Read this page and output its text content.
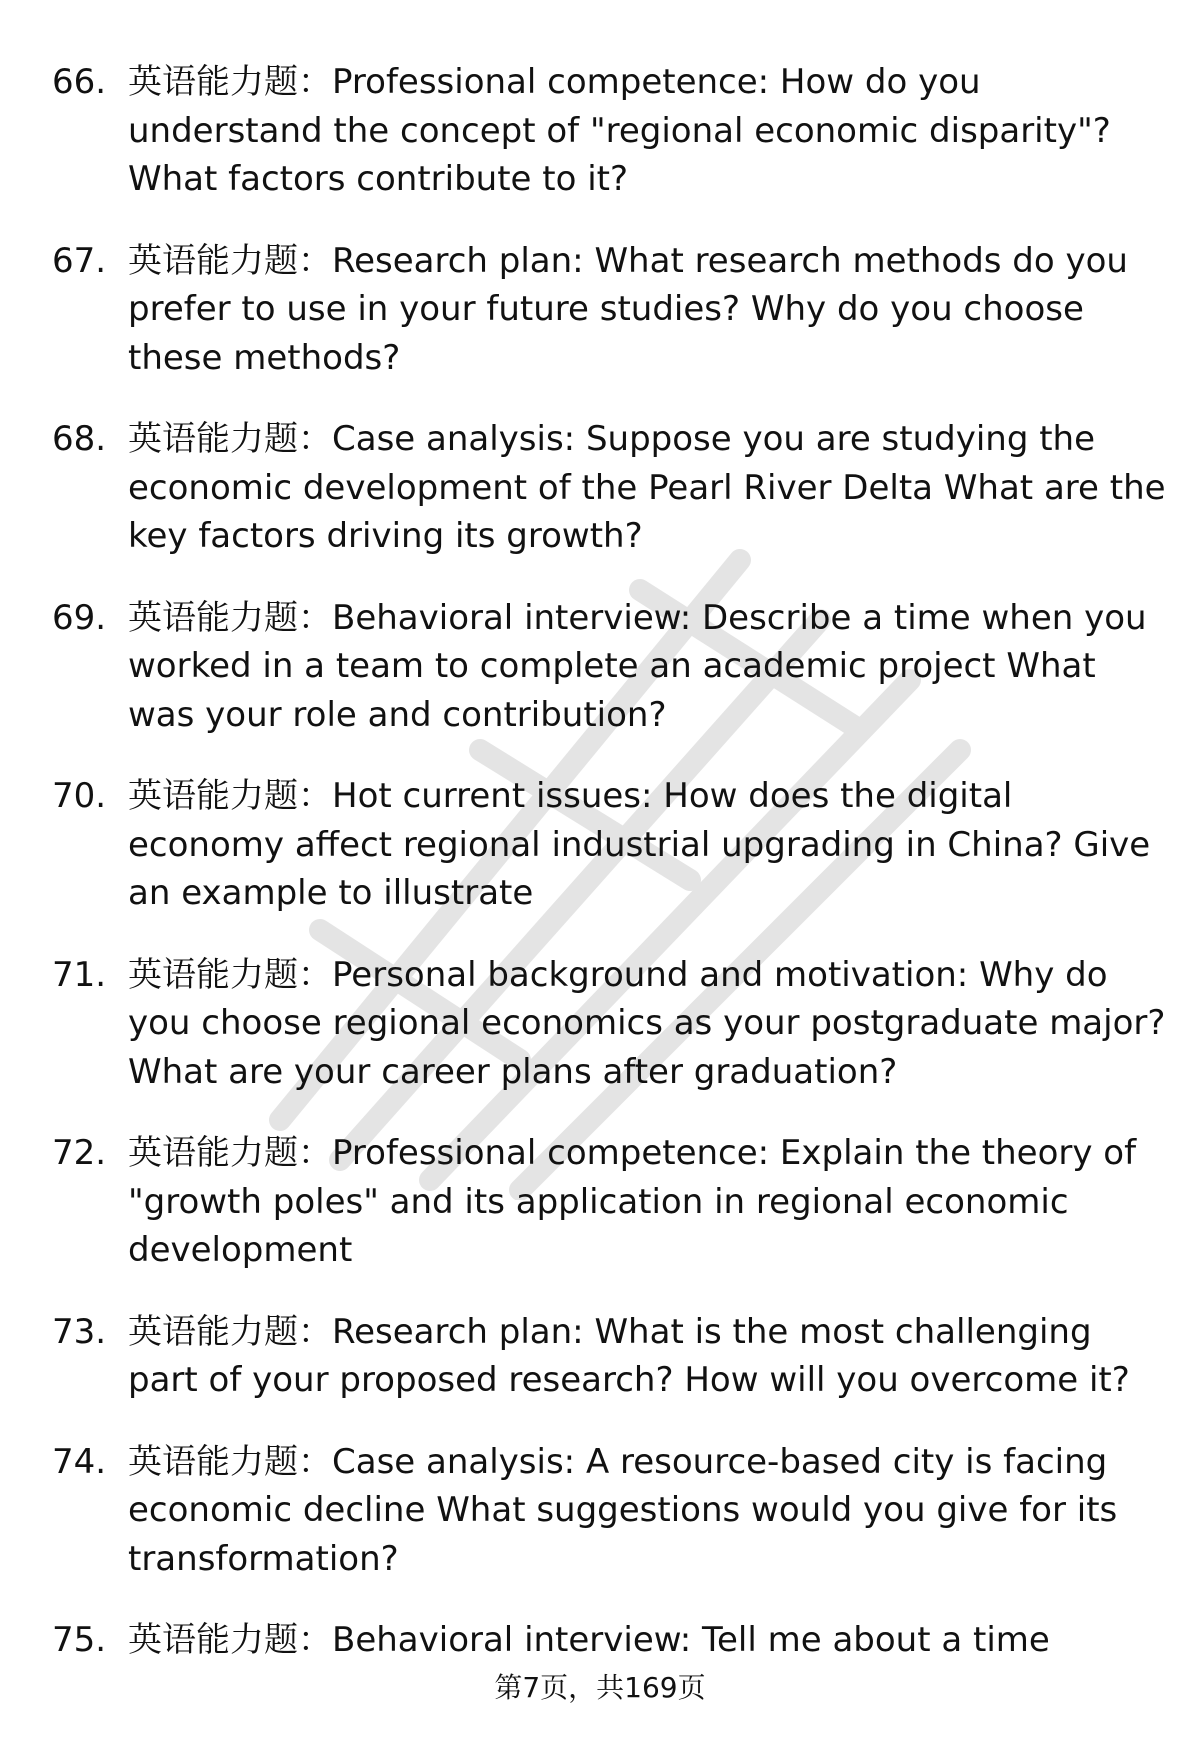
66. 英语能力题：Professional competence: How do you understand the concept of "regional economic disparity"? What factors contribute to it?
67. 英语能力题：Research plan: What research methods do you prefer to use in your future studies? Why do you choose these methods?
68. 英语能力题：Case analysis: Suppose you are studying the economic development of the Pearl River Delta What are the key factors driving its growth?
69. 英语能力题：Behavioral interview: Describe a time when you worked in a team to complete an academic project What was your role and contribution?
70. 英语能力题：Hot current issues: How does the digital economy affect regional industrial upgrading in China? Give an example to illustrate
71. 英语能力题：Personal background and motivation: Why do you choose regional economics as your postgraduate major? What are your career plans after graduation?
72. 英语能力题：Professional competence: Explain the theory of "growth poles" and its application in regional economic development
73. 英语能力题：Research plan: What is the most challenging part of your proposed research? How will you overcome it?
74. 英语能力题：Case analysis: A resource-based city is facing economic decline What suggestions would you give for its transformation?
75. 英语能力题：Behavioral interview: Tell me about a time
第7页，共169页
